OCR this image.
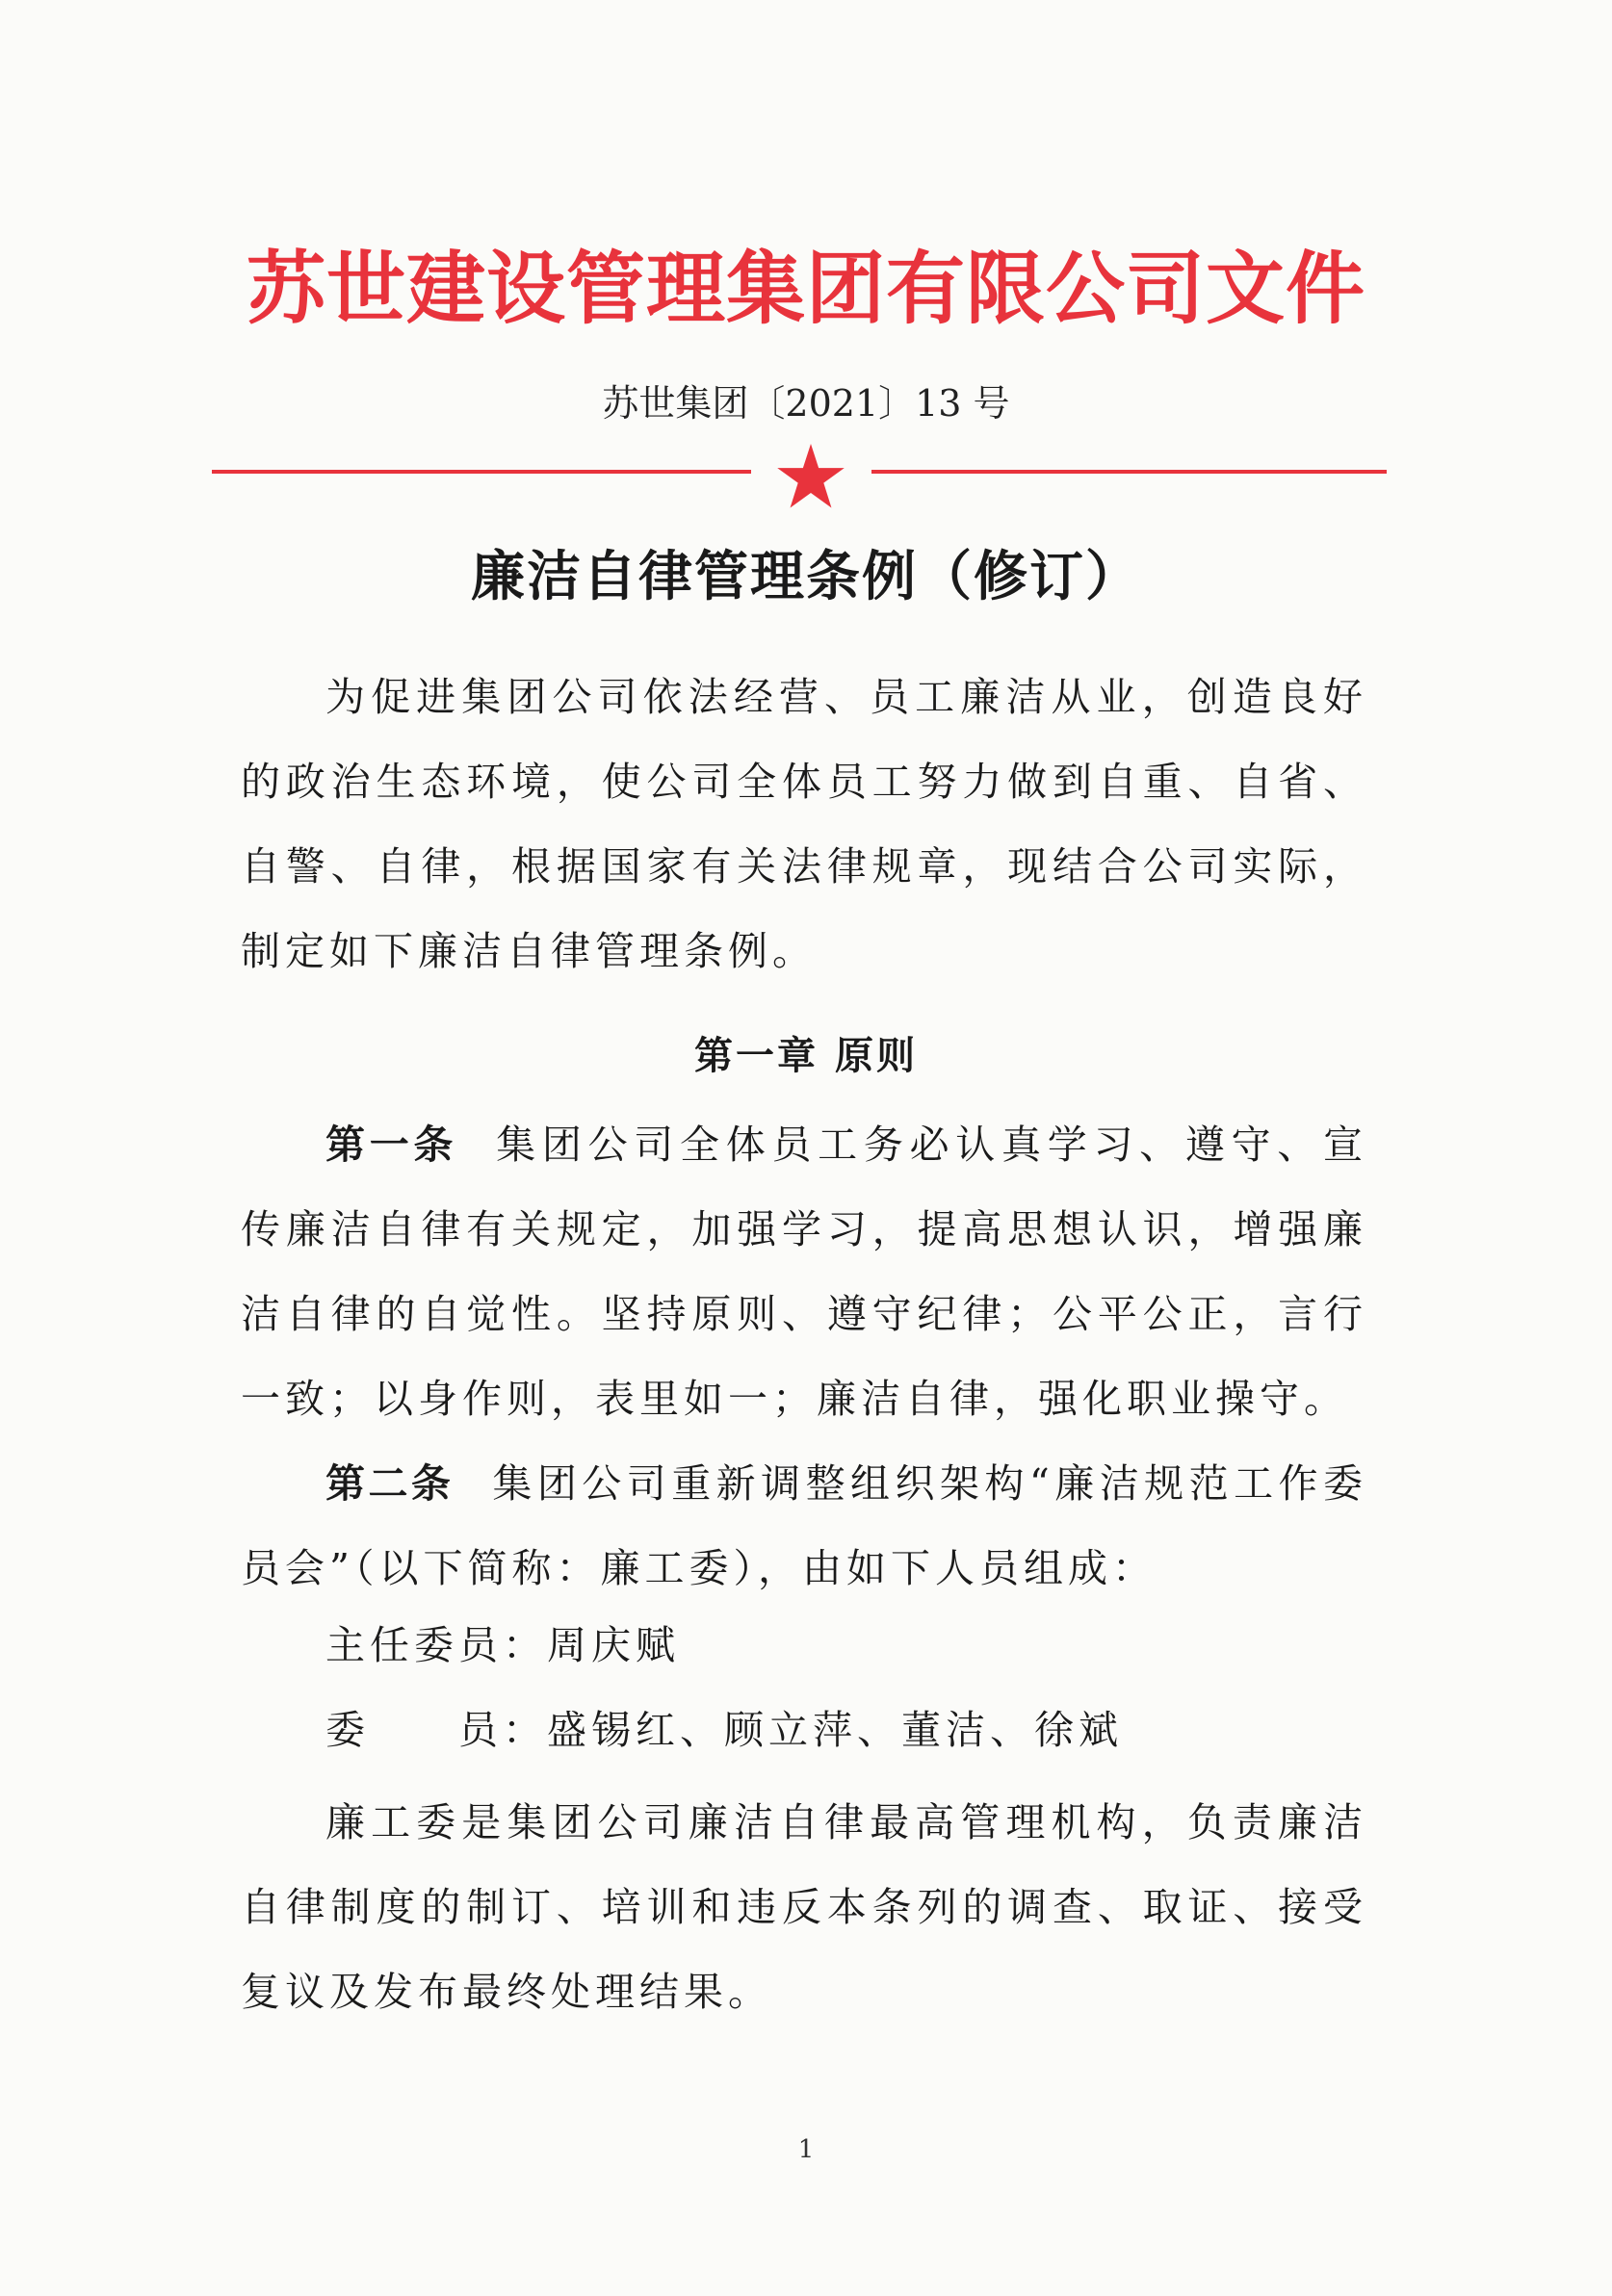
苏世建设管理集团有限公司文件
苏世集团〔2021〕13 号
廉洁自律管理条例（修订）

为促进集团公司依法经营、员工廉洁从业，创造良好的政治生态环境，使公司全体员工努力做到自重、自省、自警、自律，根据国家有关法律规章，现结合公司实际，制定如下廉洁自律管理条例。

第一章 原则

第一条 集团公司全体员工务必认真学习、遵守、宣传廉洁自律有关规定，加强学习，提高思想认识，增强廉洁自律的自觉性。坚持原则、遵守纪律；公平公正，言行一致；以身作则，表里如一；廉洁自律，强化职业操守。

第二条 集团公司重新调整组织架构“廉洁规范工作委员会”（以下简称：廉工委），由如下人员组成：

主任委员：周庆赋
委　　员：盛锡红、顾立萍、董洁、徐斌

廉工委是集团公司廉洁自律最高管理机构，负责廉洁自律制度的制订、培训和违反本条列的调查、取证、接受复议及发布最终处理结果。

1
